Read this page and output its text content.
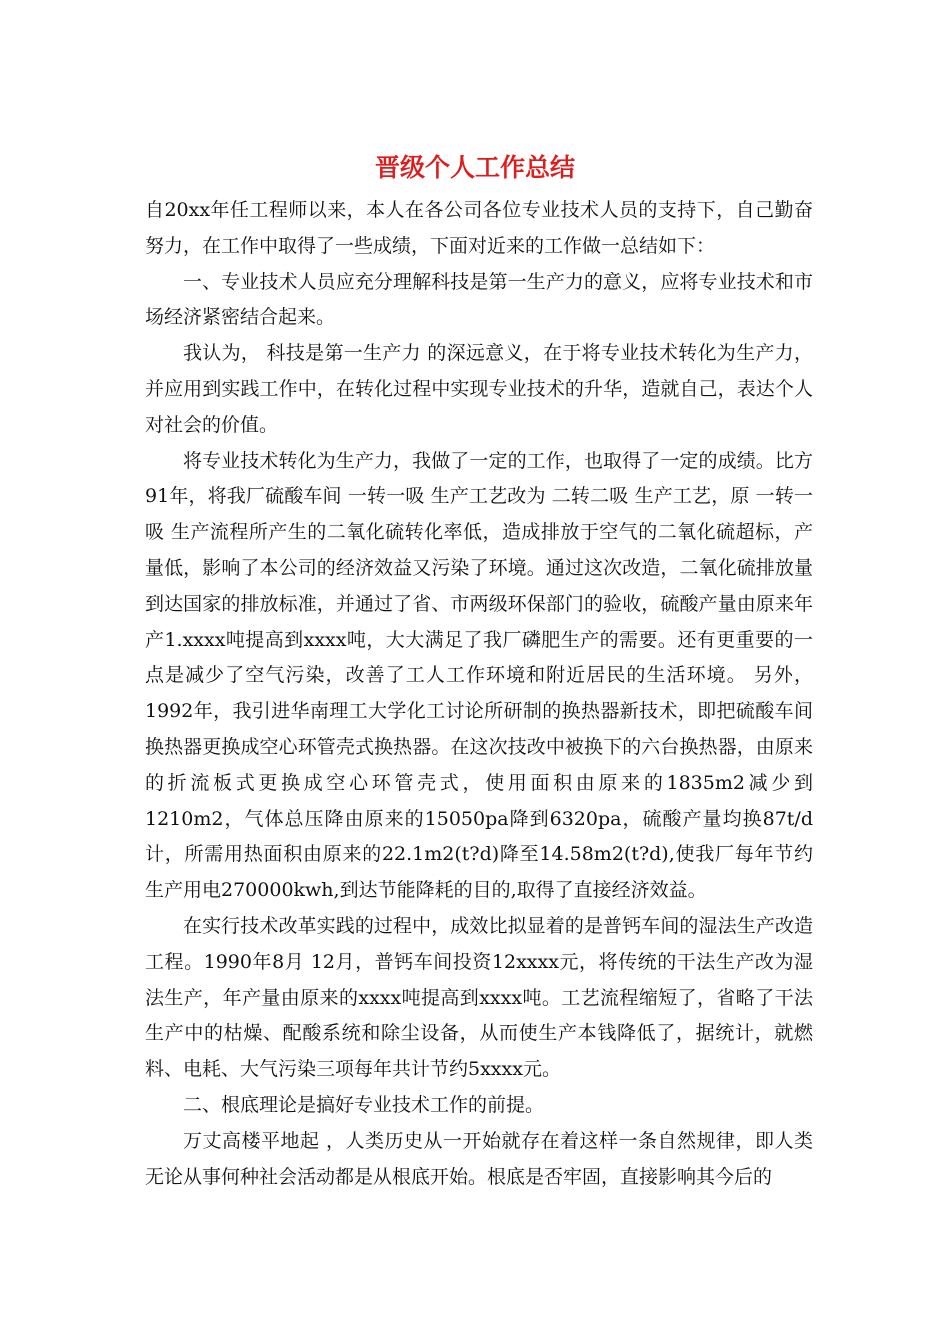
晋级个人工作总结

自20xx年任工程师以来，本人在各公司各位专业技术人员的支持下，自己勤奋努力，在工作中取得了一些成绩，下面对近来的工作做一总结如下：

一、专业技术人员应充分理解科技是第一生产力的意义，应将专业技术和市场经济紧密结合起来。

我认为， 科技是第一生产力 的深远意义，在于将专业技术转化为生产力，并应用到实践工作中，在转化过程中实现专业技术的升华，造就自己，表达个人对社会的价值。

将专业技术转化为生产力，我做了一定的工作，也取得了一定的成绩。比方91年，将我厂硫酸车间 一转一吸 生产工艺改为 二转二吸 生产工艺，原 一转一吸 生产流程所产生的二氧化硫转化率低，造成排放于空气的二氧化硫超标，产量低，影响了本公司的经济效益又污染了环境。通过这次改造，二氧化硫排放量到达国家的排放标准，并通过了省、市两级环保部门的验收，硫酸产量由原来年产1.xxxx吨提高到xxxx吨，大大满足了我厂磷肥生产的需要。还有更重要的一点是减少了空气污染，改善了工人工作环境和附近居民的生活环境。 另外，1992年，我引进华南理工大学化工讨论所研制的换热器新技术，即把硫酸车间换热器更换成空心环管壳式换热器。在这次技改中被换下的六台换热器，由原来的折流板式更换成空心环管壳式，使用面积由原来的1835m2减少到1210m2，气体总压降由原来的15050pa降到6320pa，硫酸产量均换87t/d计，所需用热面积由原来的22.1m2(t?d)降至14.58m2(t?d),使我厂每年节约生产用电270000kwh,到达节能降耗的目的,取得了直接经济效益。

在实行技术改革实践的过程中，成效比拟显着的是普钙车间的湿法生产改造工程。1990年8月 12月，普钙车间投资12xxxx元，将传统的干法生产改为湿法生产，年产量由原来的xxxx吨提高到xxxx吨。工艺流程缩短了，省略了干法生产中的枯燥、配酸系统和除尘设备，从而使生产本钱降低了，据统计，就燃料、电耗、大气污染三项每年共计节约5xxxx元。

二、根底理论是搞好专业技术工作的前提。

万丈高楼平地起 ，人类历史从一开始就存在着这样一条自然规律，即人类无论从事何种社会活动都是从根底开始。根底是否牢固，直接影响其今后的
